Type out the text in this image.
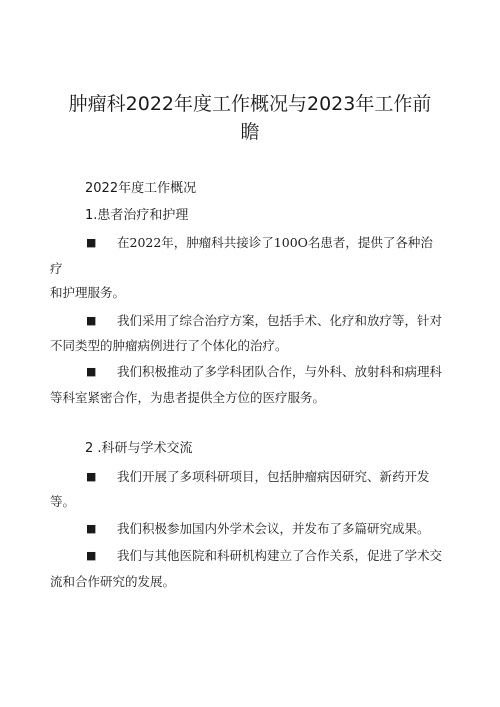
肿瘤科2022年度工作概况与2023年工作前
瞻
2022年度工作概况
1.患者治疗和护理
■ 在2022年，肿瘤科共接诊了100O名患者，提供了各种治
疗
和护理服务。
■ 我们采用了综合治疗方案，包括手术、化疗和放疗等，针对
不同类型的肿瘤病例进行了个体化的治疗。
■ 我们积极推动了多学科团队合作，与外科、放射科和病理科
等科室紧密合作，为患者提供全方位的医疗服务。
2 .科研与学术交流
■ 我们开展了多项科研项目，包括肿瘤病因研究、新药开发
等。
■ 我们积极参加国内外学术会议，并发布了多篇研究成果。
■ 我们与其他医院和科研机构建立了合作关系，促进了学术交
流和合作研究的发展。
